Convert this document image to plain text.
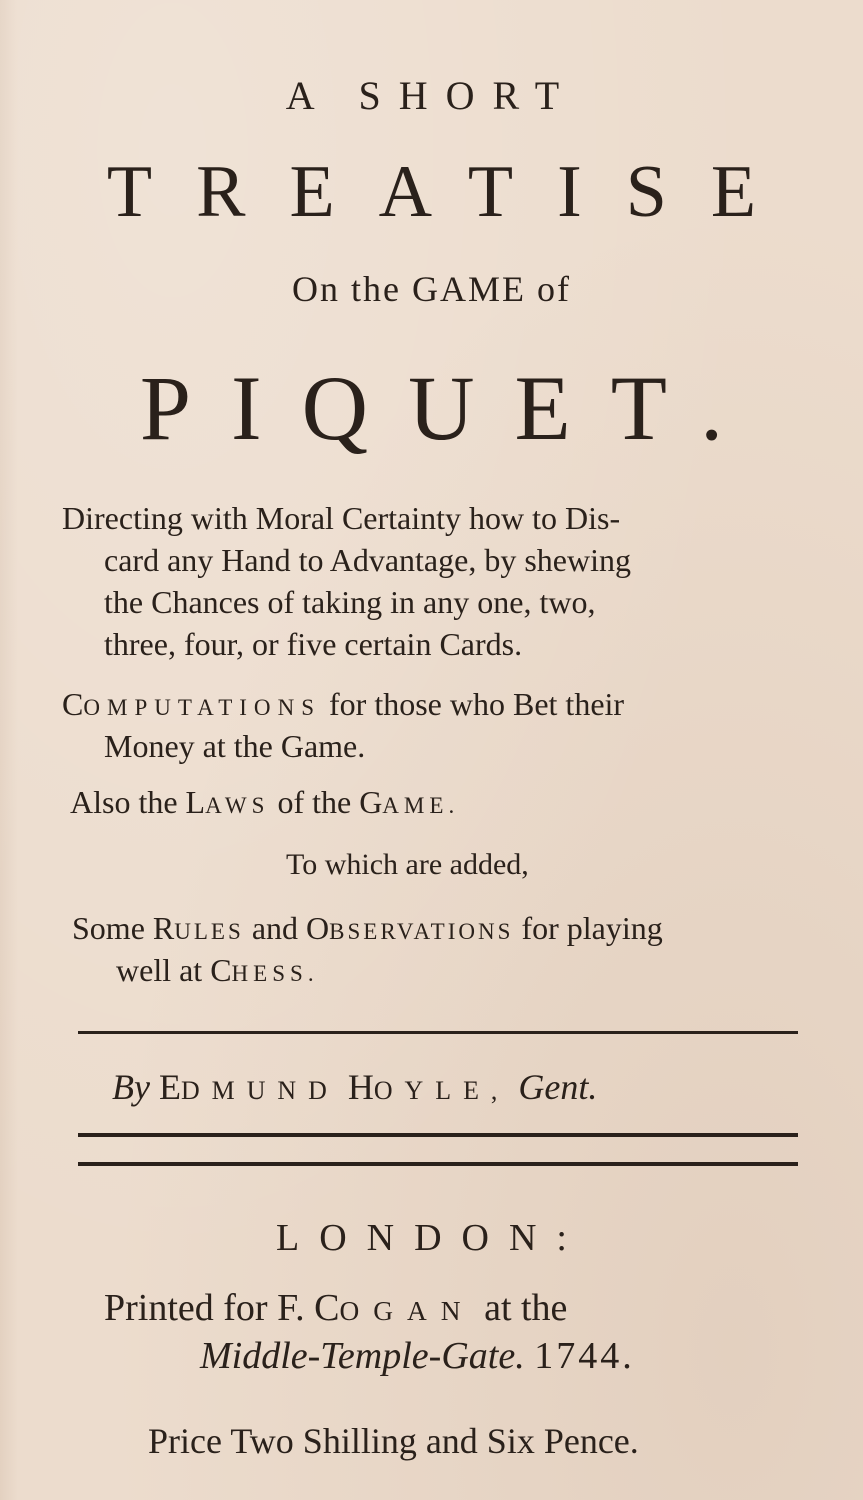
A SHORT
TREATISE
On the GAME of
PIQUET.
Directing with Moral Certainty how to Dis-
card any Hand to Advantage, by shewing
the Chances of taking in any one, two,
three, four, or five certain Cards.
COMPUTATIONS for those who Bet their
Money at the Game.
Also the LAWS of the GAME.
To which are added,
Some RULES and OBSERVATIONS for playing
well at CHESS.
By EDMUND HOYLE, Gent.
LONDON:
Printed for F. COGAN at the
Middle-Temple-Gate. 1744.
Price Two Shilling and Six Pence.
